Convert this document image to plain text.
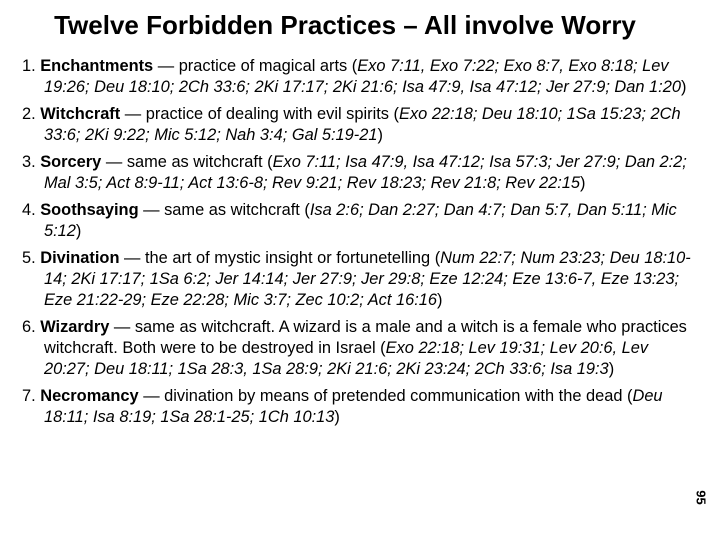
Twelve Forbidden Practices – All involve Worry
1. Enchantments — practice of magical arts (Exo 7:11, Exo 7:22; Exo 8:7, Exo 8:18; Lev 19:26; Deu 18:10; 2Ch 33:6; 2Ki 17:17; 2Ki 21:6; Isa 47:9, Isa 47:12; Jer 27:9; Dan 1:20)
2. Witchcraft — practice of dealing with evil spirits (Exo 22:18; Deu 18:10; 1Sa 15:23; 2Ch 33:6; 2Ki 9:22; Mic 5:12; Nah 3:4; Gal 5:19-21)
3. Sorcery — same as witchcraft (Exo 7:11; Isa 47:9, Isa 47:12; Isa 57:3; Jer 27:9; Dan 2:2; Mal 3:5; Act 8:9-11; Act 13:6-8; Rev 9:21; Rev 18:23; Rev 21:8; Rev 22:15)
4. Soothsaying — same as witchcraft (Isa 2:6; Dan 2:27; Dan 4:7; Dan 5:7, Dan 5:11; Mic 5:12)
5. Divination — the art of mystic insight or fortunetelling (Num 22:7; Num 23:23; Deu 18:10-14; 2Ki 17:17; 1Sa 6:2; Jer 14:14; Jer 27:9; Jer 29:8; Eze 12:24; Eze 13:6-7, Eze 13:23; Eze 21:22-29; Eze 22:28; Mic 3:7; Zec 10:2; Act 16:16)
6. Wizardry — same as witchcraft. A wizard is a male and a witch is a female who practices witchcraft. Both were to be destroyed in Israel (Exo 22:18; Lev 19:31; Lev 20:6, Lev 20:27; Deu 18:11; 1Sa 28:3, 1Sa 28:9; 2Ki 21:6; 2Ki 23:24; 2Ch 33:6; Isa 19:3)
7. Necromancy — divination by means of pretended communication with the dead (Deu 18:11; Isa 8:19; 1Sa 28:1-25; 1Ch 10:13)
95
